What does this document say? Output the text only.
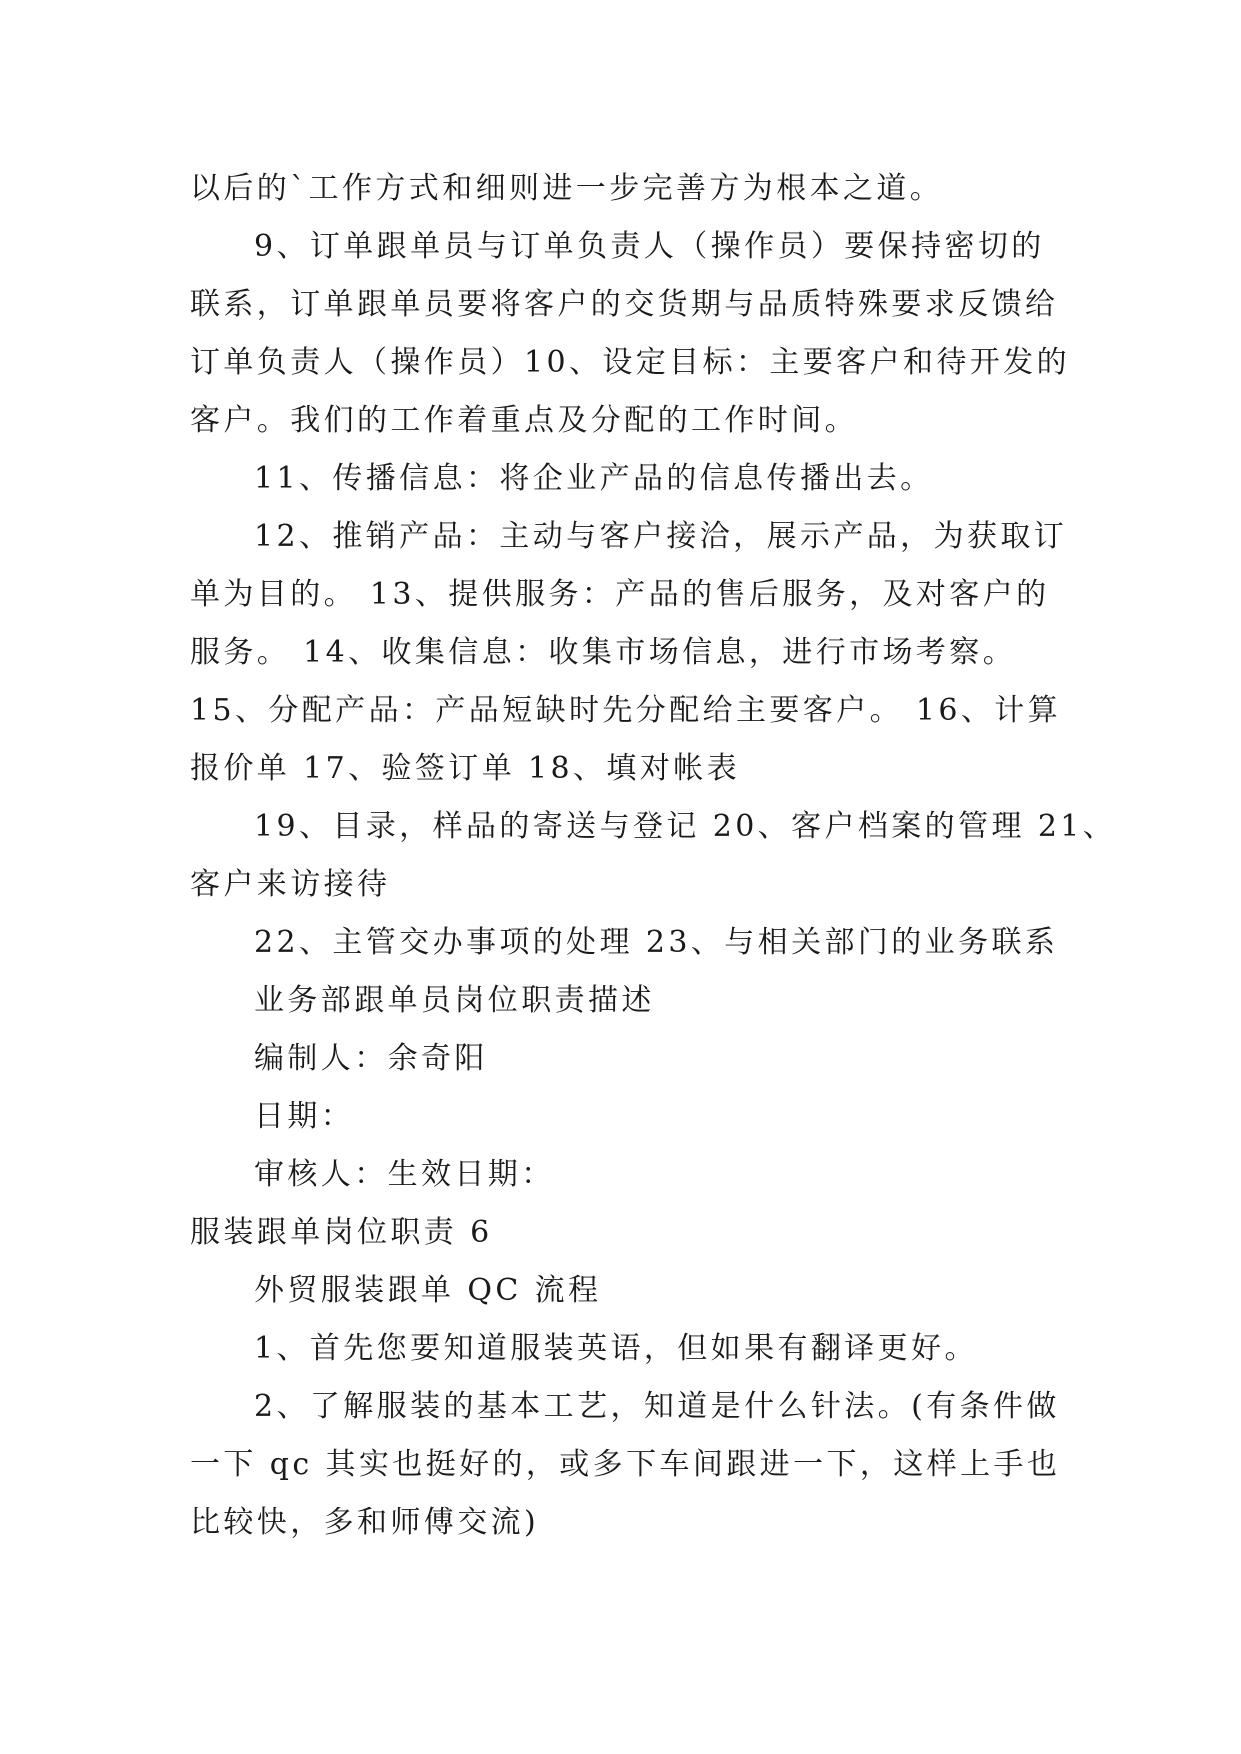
以后的`工作方式和细则进一步完善方为根本之道。
9、订单跟单员与订单负责人（操作员）要保持密切的
联系，订单跟单员要将客户的交货期与品质特殊要求反馈给
订单负责人（操作员）10、设定目标：主要客户和待开发的
客户。我们的工作着重点及分配的工作时间。
11、传播信息：将企业产品的信息传播出去。
12、推销产品：主动与客户接洽，展示产品，为获取订
单为目的。 13、提供服务：产品的售后服务，及对客户的
服务。 14、收集信息：收集市场信息，进行市场考察。
15、分配产品：产品短缺时先分配给主要客户。 16、计算
报价单 17、验签订单 18、填对帐表
19、目录，样品的寄送与登记 20、客户档案的管理 21、
客户来访接待
22、主管交办事项的处理 23、与相关部门的业务联系
业务部跟单员岗位职责描述
编制人：余奇阳
日期：
审核人：生效日期：
服装跟单岗位职责 6
外贸服装跟单 QC 流程
1、首先您要知道服装英语，但如果有翻译更好。
2、了解服装的基本工艺，知道是什么针法。(有条件做
一下 qc 其实也挺好的，或多下车间跟进一下，这样上手也
比较快，多和师傅交流)
